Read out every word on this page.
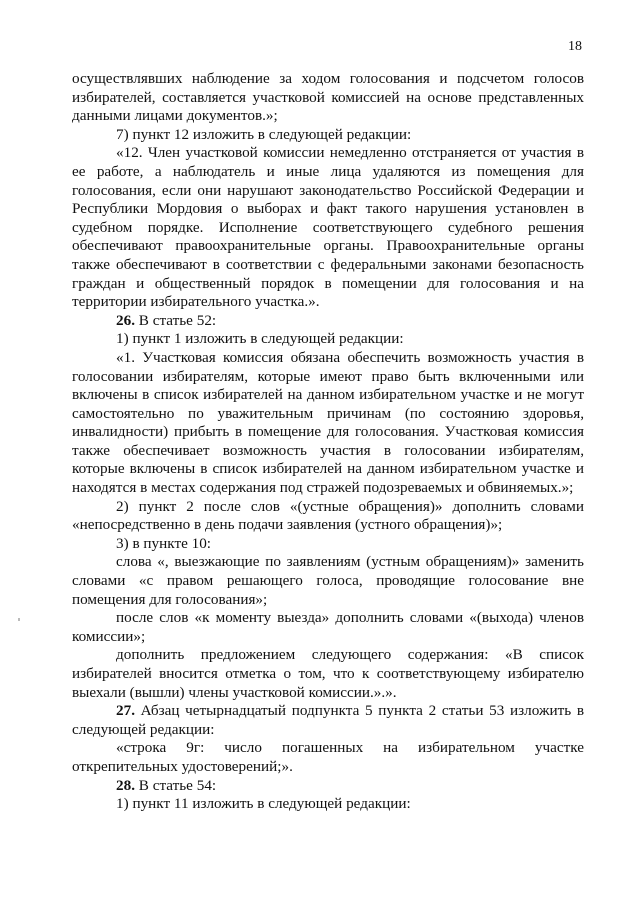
18
осуществлявших наблюдение за ходом голосования и подсчетом голосов
избирателей, составляется участковой комиссией на основе представленных
данными лицами документов.»;
7) пункт 12 изложить в следующей редакции:
«12. Член участковой комиссии немедленно отстраняется от участия в
ее работе, а наблюдатель и иные лица удаляются из помещения для
голосования, если они нарушают законодательство Российской Федерации и
Республики Мордовия о выборах и факт такого нарушения установлен в
судебном порядке. Исполнение соответствующего судебного решения
обеспечивают правоохранительные органы. Правоохранительные органы
также обеспечивают в соответствии с федеральными законами безопасность
граждан и общественный порядок в помещении для голосования и на
территории избирательного участка.».
26. В статье 52:
1) пункт 1 изложить в следующей редакции:
«1. Участковая комиссия обязана обеспечить возможность участия в
голосовании избирателям, которые имеют право быть включенными или
включены в список избирателей на данном избирательном участке и не могут
самостоятельно по уважительным причинам (по состоянию здоровья,
инвалидности) прибыть в помещение для голосования. Участковая комиссия
также обеспечивает возможность участия в голосовании избирателям,
которые включены в список избирателей на данном избирательном участке и
находятся в местах содержания под стражей подозреваемых и обвиняемых.»;
2) пункт 2 после слов «(устные обращения)» дополнить словами
«непосредственно в день подачи заявления (устного обращения)»;
3) в пункте 10:
слова «, выезжающие по заявлениям (устным обращениям)» заменить
словами «с правом решающего голоса, проводящие голосование вне
помещения для голосования»;
после слов «к моменту выезда» дополнить словами «(выхода) членов
комиссии»;
дополнить предложением следующего содержания: «В список
избирателей вносится отметка о том, что к соответствующему избирателю
выехали (вышли) члены участковой комиссии.».».
27. Абзац четырнадцатый подпункта 5 пункта 2 статьи 53 изложить в
следующей редакции:
«строка 9г: число погашенных на избирательном участке
открепительных удостоверений;».
28. В статье 54:
1) пункт 11 изложить в следующей редакции:
